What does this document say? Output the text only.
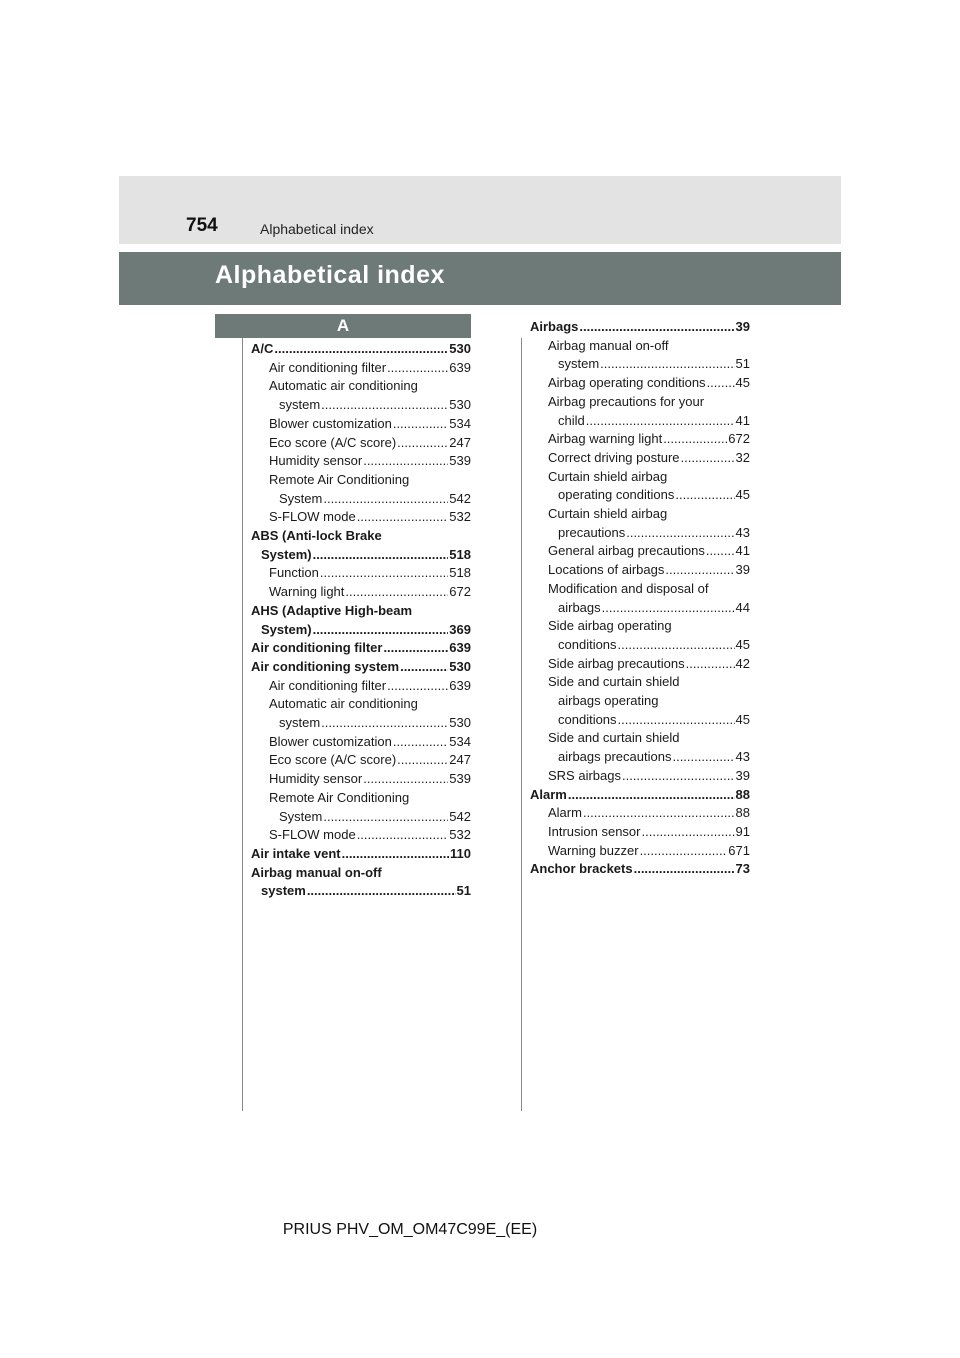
754	Alphabetical index
Alphabetical index
A
A/C .....	530
Air conditioning filter .....	639
Automatic air conditioning
system .....	530
Blower customization .....	534
Eco score (A/C score) .....	247
Humidity sensor .....	539
Remote Air Conditioning
System .....	542
S-FLOW mode .....	532
ABS (Anti-lock Brake
System) .....	518
Function .....	518
Warning light .....	672
AHS (Adaptive High-beam
System) .....	369
Air conditioning filter .....	639
Air conditioning system .....	530
Air conditioning filter .....	639
Automatic air conditioning
system .....	530
Blower customization .....	534
Eco score (A/C score) .....	247
Humidity sensor .....	539
Remote Air Conditioning
System .....	542
S-FLOW mode .....	532
Air intake vent .....	110
Airbag manual on-off
system .....	51
Airbags .....	39
Airbag manual on-off
system .....	51
Airbag operating conditions ..... 45
Airbag precautions for your
child .....	41
Airbag warning light .....	672
Correct driving posture .....	32
Curtain shield airbag
operating conditions .....	45
Curtain shield airbag
precautions .....	43
General airbag precautions ..... 41
Locations of airbags .....	39
Modification and disposal of
airbags .....	44
Side airbag operating
conditions .....	45
Side airbag precautions .....	42
Side and curtain shield
airbags operating
conditions .....	45
Side and curtain shield
airbags precautions .....	43
SRS airbags .....	39
Alarm .....	88
Alarm .....	88
Intrusion sensor .....	91
Warning buzzer .....	671
Anchor brackets .....	73
PRIUS PHV_OM_OM47C99E_(EE)
